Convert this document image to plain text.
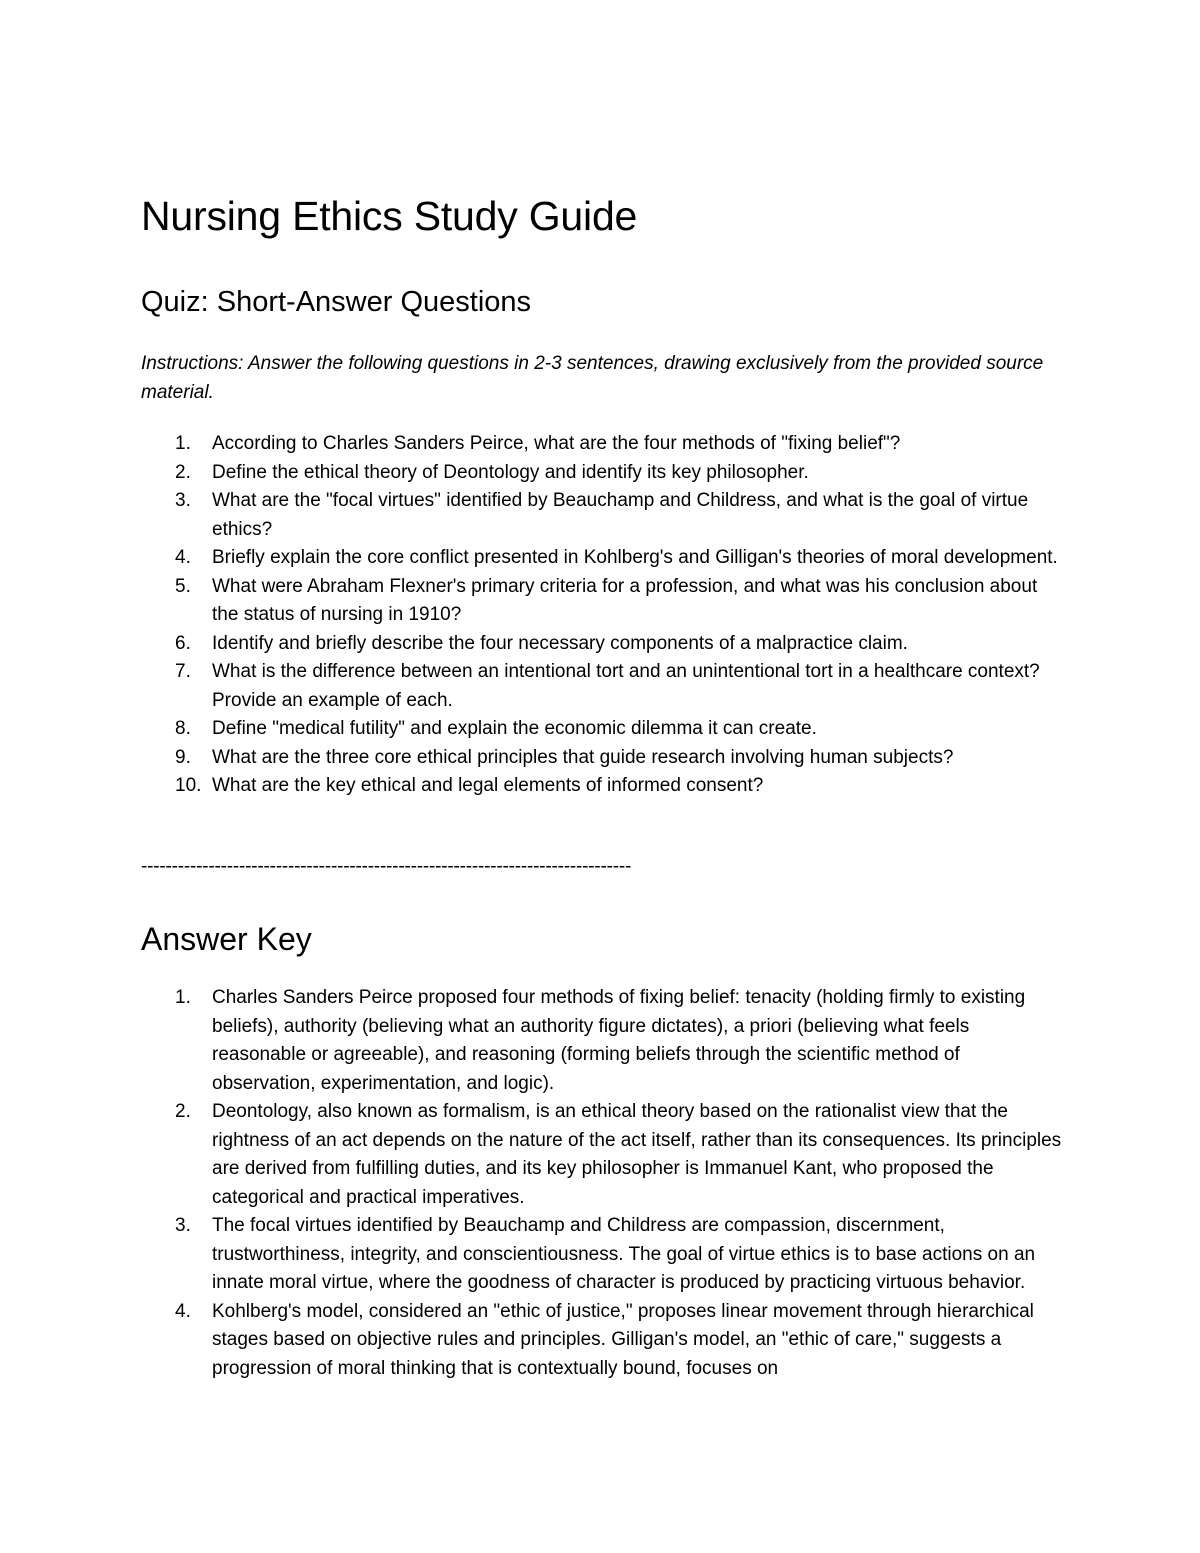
Nursing Ethics Study Guide
Quiz: Short-Answer Questions

Instructions: Answer the following questions in 2-3 sentences, drawing exclusively from the provided source material.

1.	According to Charles Sanders Peirce, what are the four methods of "fixing belief"?
2.	Define the ethical theory of Deontology and identify its key philosopher.
3.	What are the "focal virtues" identified by Beauchamp and Childress, and what is the goal of virtue ethics?
4.	Briefly explain the core conflict presented in Kohlberg's and Gilligan's theories of moral development.
5.	What were Abraham Flexner's primary criteria for a profession, and what was his conclusion about the status of nursing in 1910?
6.	Identify and briefly describe the four necessary components of a malpractice claim.
7.	What is the difference between an intentional tort and an unintentional tort in a healthcare context? Provide an example of each.
8.	Define "medical futility" and explain the economic dilemma it can create.
9.	What are the three core ethical principles that guide research involving human subjects?
10. What are the key ethical and legal elements of informed consent?

--------------------------------------------------------------------------------

Answer Key
1.	Charles Sanders Peirce proposed four methods of fixing belief: tenacity (holding firmly to existing beliefs), authority (believing what an authority figure dictates), a priori (believing what feels reasonable or agreeable), and reasoning (forming beliefs through the scientific method of observation, experimentation, and logic).
2.	Deontology, also known as formalism, is an ethical theory based on the rationalist view that the rightness of an act depends on the nature of the act itself, rather than its consequences. Its principles are derived from fulfilling duties, and its key philosopher is Immanuel Kant, who proposed the categorical and practical imperatives.
3.	The focal virtues identified by Beauchamp and Childress are compassion, discernment, trustworthiness, integrity, and conscientiousness. The goal of virtue ethics is to base actions on an innate moral virtue, where the goodness of character is produced by practicing virtuous behavior.
4.	Kohlberg's model, considered an "ethic of justice," proposes linear movement through hierarchical stages based on objective rules and principles. Gilligan's model, an "ethic of care," suggests a progression of moral thinking that is contextually bound, focuses on
